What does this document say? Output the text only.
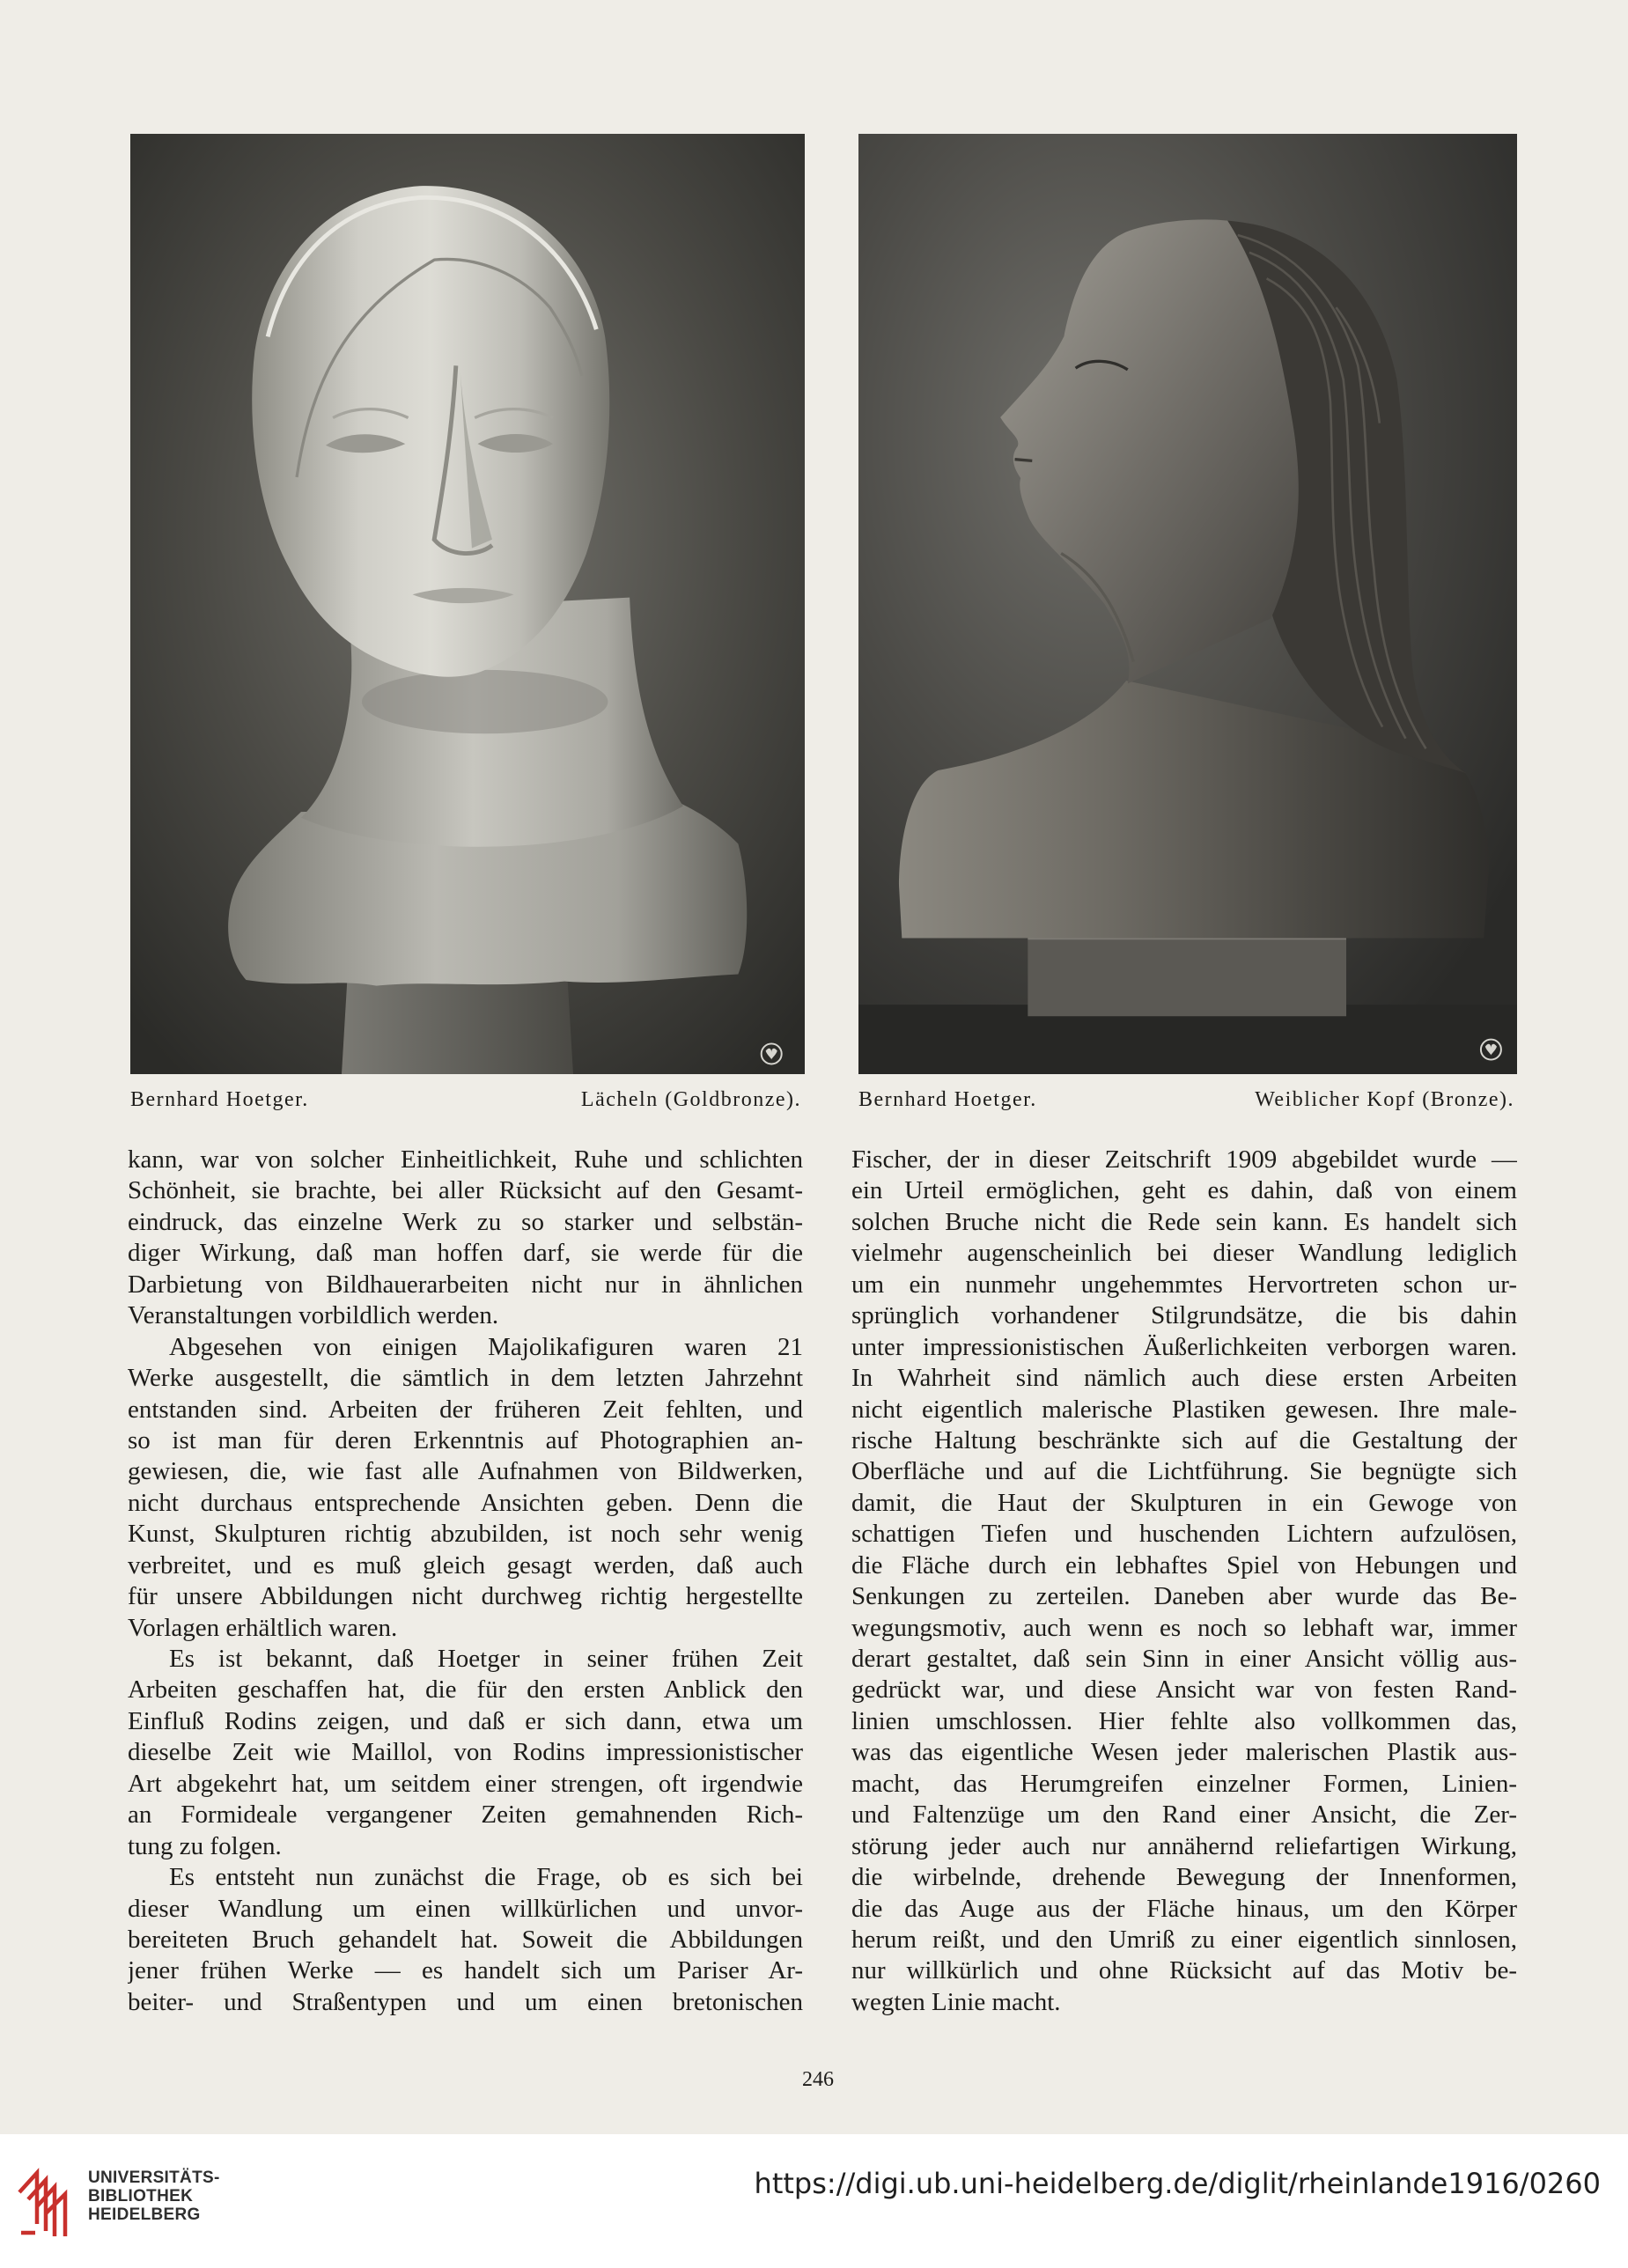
Bernhard Hoetger.	Lächeln (Goldbronze).	Bernhard Hoetger.	Weiblicher Kopf (Bronze).
kann, war von solcher Einheitlichkeit, Ruhe und schlichten
Schönheit, sie brachte, bei aller Rücksicht auf den Gesamt-
eindruck, das einzelne Werk zu so starker und selbstän-
diger Wirkung, daß man hoffen darf, sie werde für die
Darbietung von Bildhauerarbeiten nicht nur in ähnlichen
Veranstaltungen vorbildlich werden.
Abgesehen von einigen Majolikafiguren waren 21
Werke ausgestellt, die sämtlich in dem letzten Jahrzehnt
entstanden sind. Arbeiten der früheren Zeit fehlten, und
so ist man für deren Erkenntnis auf Photographien an-
gewiesen, die, wie fast alle Aufnahmen von Bildwerken,
nicht durchaus entsprechende Ansichten geben. Denn die
Kunst, Skulpturen richtig abzubilden, ist noch sehr wenig
verbreitet, und es muß gleich gesagt werden, daß auch
für unsere Abbildungen nicht durchweg richtig hergestellte
Vorlagen erhältlich waren.
Es ist bekannt, daß Hoetger in seiner frühen Zeit
Arbeiten geschaffen hat, die für den ersten Anblick den
Einfluß Rodins zeigen, und daß er sich dann, etwa um
dieselbe Zeit wie Maillol, von Rodins impressionistischer
Art abgekehrt hat, um seitdem einer strengen, oft irgendwie
an Formideale vergangener Zeiten gemahnenden Rich-
tung zu folgen.
Es entsteht nun zunächst die Frage, ob es sich bei
dieser Wandlung um einen willkürlichen und unvor-
bereiteten Bruch gehandelt hat. Soweit die Abbildungen
jener frühen Werke — es handelt sich um Pariser Ar-
beiter- und Straßentypen und um einen bretonischen
Fischer, der in dieser Zeitschrift 1909 abgebildet wurde —
ein Urteil ermöglichen, geht es dahin, daß von einem
solchen Bruche nicht die Rede sein kann. Es handelt sich
vielmehr augenscheinlich bei dieser Wandlung lediglich
um ein nunmehr ungehemmtes Hervortreten schon ur-
sprünglich vorhandener Stilgrundsätze, die bis dahin
unter impressionistischen Äußerlichkeiten verborgen waren.
In Wahrheit sind nämlich auch diese ersten Arbeiten
nicht eigentlich malerische Plastiken gewesen. Ihre male-
rische Haltung beschränkte sich auf die Gestaltung der
Oberfläche und auf die Lichtführung. Sie begnügte sich
damit, die Haut der Skulpturen in ein Gewoge von
schattigen Tiefen und huschenden Lichtern aufzulösen,
die Fläche durch ein lebhaftes Spiel von Hebungen und
Senkungen zu zerteilen. Daneben aber wurde das Be-
wegungsmotiv, auch wenn es noch so lebhaft war, immer
derart gestaltet, daß sein Sinn in einer Ansicht völlig aus-
gedrückt war, und diese Ansicht war von festen Rand-
linien umschlossen. Hier fehlte also vollkommen das,
was das eigentliche Wesen jeder malerischen Plastik aus-
macht, das Herumgreifen einzelner Formen, Linien-
und Faltenzüge um den Rand einer Ansicht, die Zer-
störung jeder auch nur annähernd reliefartigen Wirkung,
die wirbelnde, drehende Bewegung der Innenformen,
die das Auge aus der Fläche hinaus, um den Körper
herum reißt, und den Umriß zu einer eigentlich sinnlosen,
nur willkürlich und ohne Rücksicht auf das Motiv be-
wegten Linie macht.
246
UNIVERSITÄTS-
BIBLIOTHEK
HEIDELBERG
https://digi.ub.uni-heidelberg.de/diglit/rheinlande1916/0260
